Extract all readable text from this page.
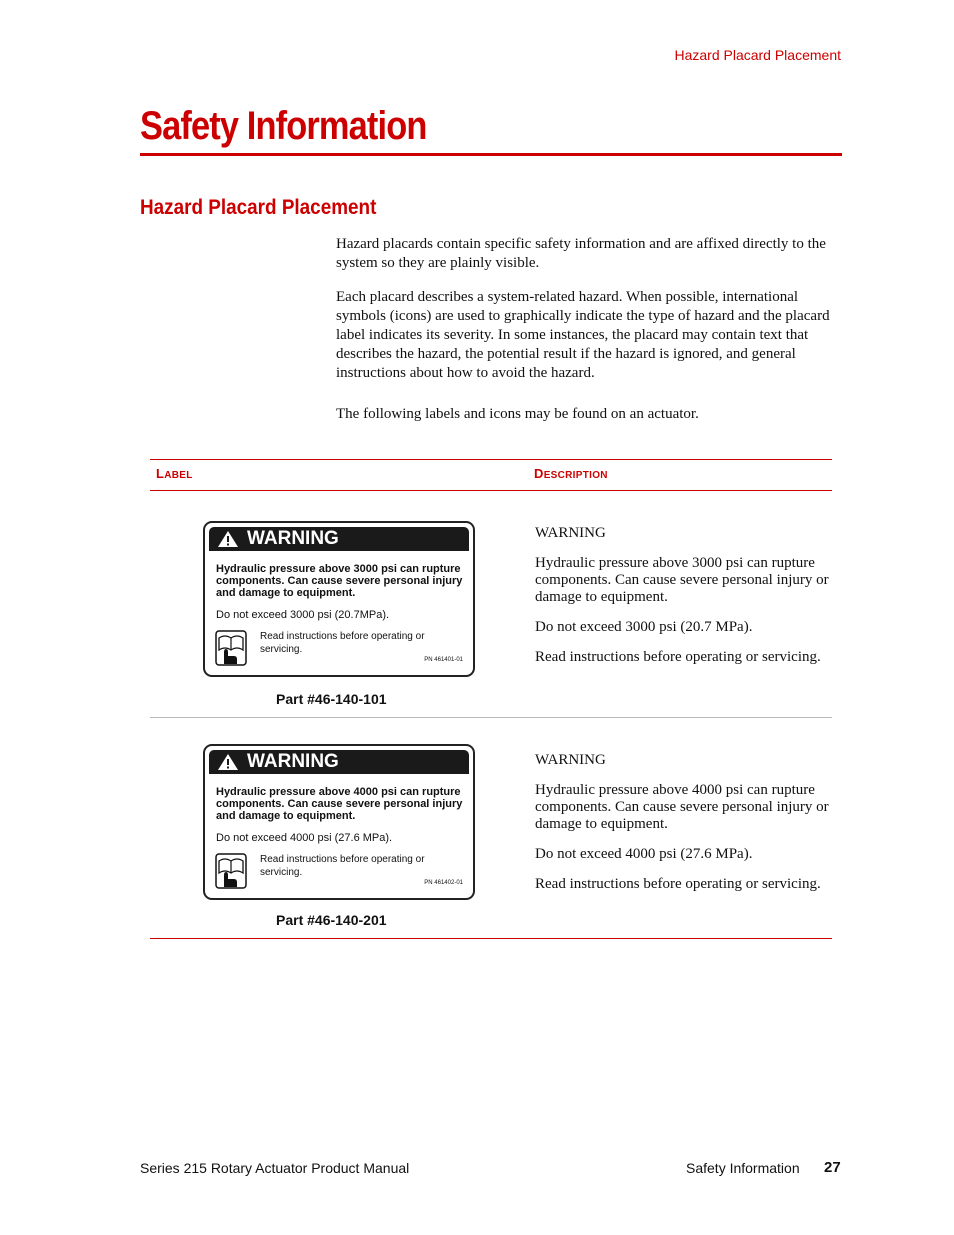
Hazard Placard Placement
Safety Information
Hazard Placard Placement
Hazard placards contain specific safety information and are affixed directly to the system so they are plainly visible.
Each placard describes a system-related hazard. When possible, international symbols (icons) are used to graphically indicate the type of hazard and the placard label indicates its severity. In some instances, the placard may contain text that describes the hazard, the potential result if the hazard is ignored, and general instructions about how to avoid the hazard.
The following labels and icons may be found on an actuator.
LABEL	DESCRIPTION
WARNING
Hydraulic pressure above 3000 psi can rupture components. Can cause severe personal injury and damage to equipment.
Do not exceed 3000 psi (20.7MPa).
Read instructions before operating or servicing.
PN 461401-01
Part #46-140-101

WARNING

Hydraulic pressure above 3000 psi can rupture components. Can cause severe personal injury or damage to equipment.

Do not exceed 3000 psi (20.7 MPa).

Read instructions before operating or servicing.

WARNING
Hydraulic pressure above 4000 psi can rupture components. Can cause severe personal injury and damage to equipment.
Do not exceed 4000 psi (27.6 MPa).
Read instructions before operating or servicing.
PN 461402-01
Part #46-140-201

WARNING

Hydraulic pressure above 4000 psi can rupture components. Can cause severe personal injury or damage to equipment.

Do not exceed 4000 psi (27.6 MPa).

Read instructions before operating or servicing.

Series 215 Rotary Actuator Product Manual	Safety Information 27
